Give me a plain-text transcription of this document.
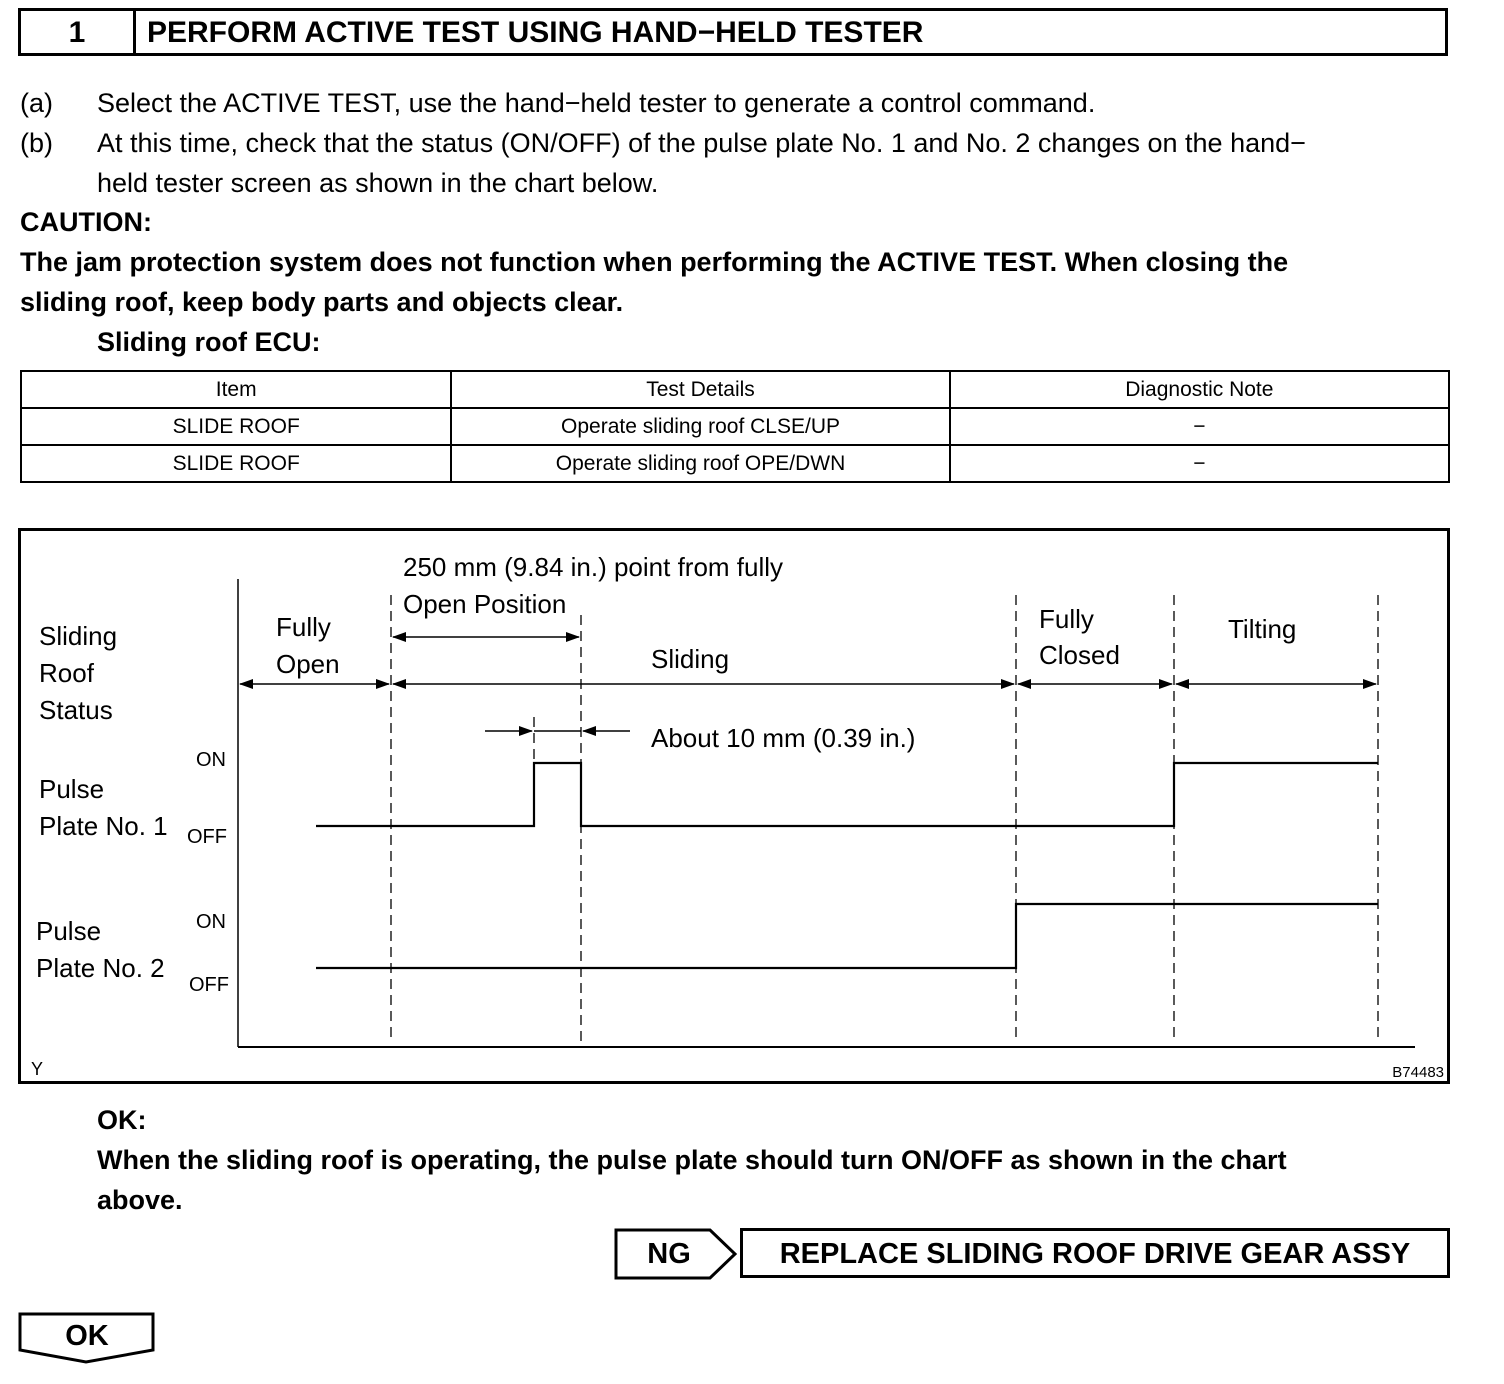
1	PERFORM ACTIVE TEST USING HAND−HELD TESTER
(a) Select the ACTIVE TEST, use the hand−held tester to generate a control command.
(b) At this time, check that the status (ON/OFF) of the pulse plate No. 1 and No. 2 changes on the hand−
held tester screen as shown in the chart below.
CAUTION:
The jam protection system does not function when performing the ACTIVE TEST. When closing the
sliding roof, keep body parts and objects clear.
Sliding roof ECU:
Item	Test Details	Diagnostic Note
SLIDE ROOF	Operate sliding roof CLSE/UP	−
SLIDE ROOF	Operate sliding roof OPE/DWN	−
Sliding
Roof
Status
Pulse
Plate No. 1
Pulse
Plate No. 2
ON
OFF
ON
OFF
Fully
Open	Sliding
Fully
Closed
Tilting
250 mm (9.84 in.) point from fully
Open Position
About 10 mm (0.39 in.)
Y	B74483
OK:
When the sliding roof is operating, the pulse plate should turn ON/OFF as shown in the chart
above.
NG	REPLACE SLIDING ROOF DRIVE GEAR ASSY
OK
